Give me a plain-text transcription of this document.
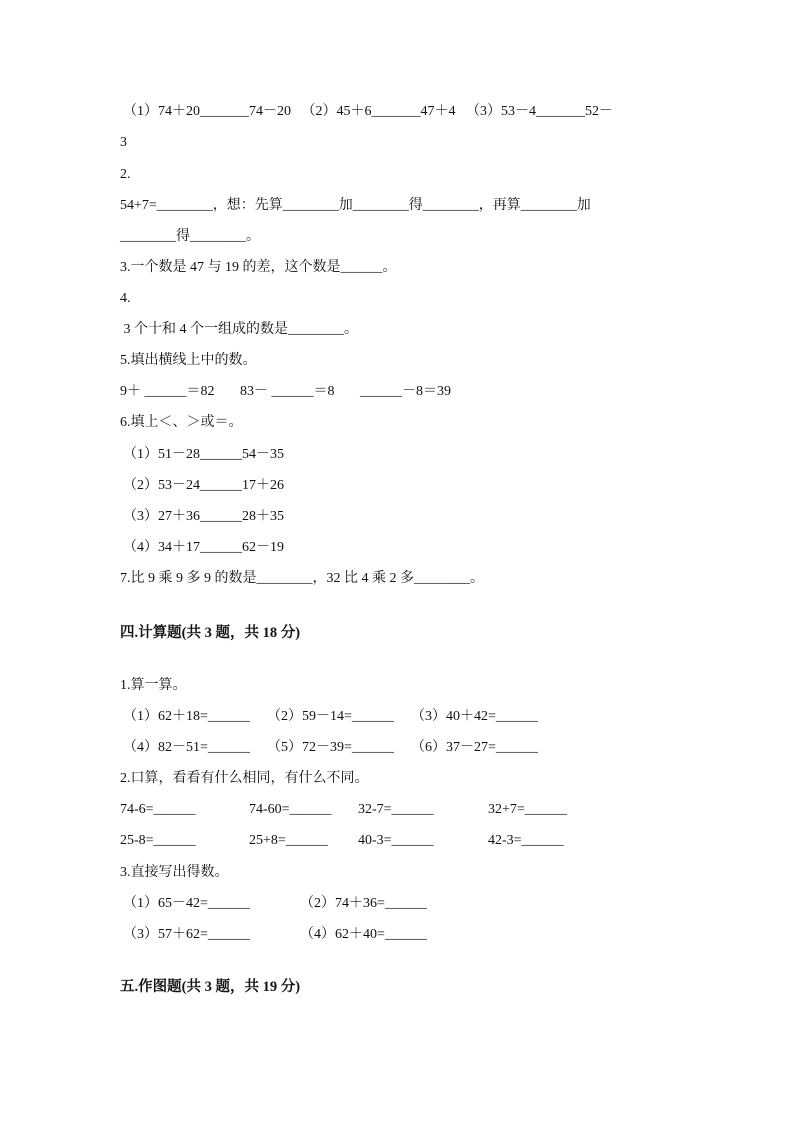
（1）74＋20_______74－20   （2）45＋6_______47＋4   （3）53－4_______52－
3
2.
54+7=________，想：先算________加________得________，再算________加
________得________。
3.一个数是 47 与 19 的差，这个数是______。
4.
3 个十和 4 个一组成的数是________。
5.填出横线上中的数。
9＋ ______＝82 83－ ______＝8 ______－8＝39
6.填上＜、＞或＝。
（1）51－28______54－35
（2）53－24______17＋26
（3）27＋36______28＋35
（4）34＋17______62－19
7.比 9 乘 9 多 9 的数是________，32 比 4 乘 2 多________。
四.计算题(共 3 题，共 18 分)
1.算一算。
（1）62＋18=______ （2）59－14=______ （3）40＋42=______
（4）82－51=______ （5）72－39=______ （6）37－27=______
2.口算，看看有什么相同，有什么不同。
74-6=______	74-60=______ 32-7=______	32+7=______
25-8=______	25+8=______ 40-3=______	42-3=______
3.直接写出得数。
（1）65－42=______	（2）74＋36=______
（3）57＋62=______	（4）62＋40=______
五.作图题(共 3 题，共 19 分)
